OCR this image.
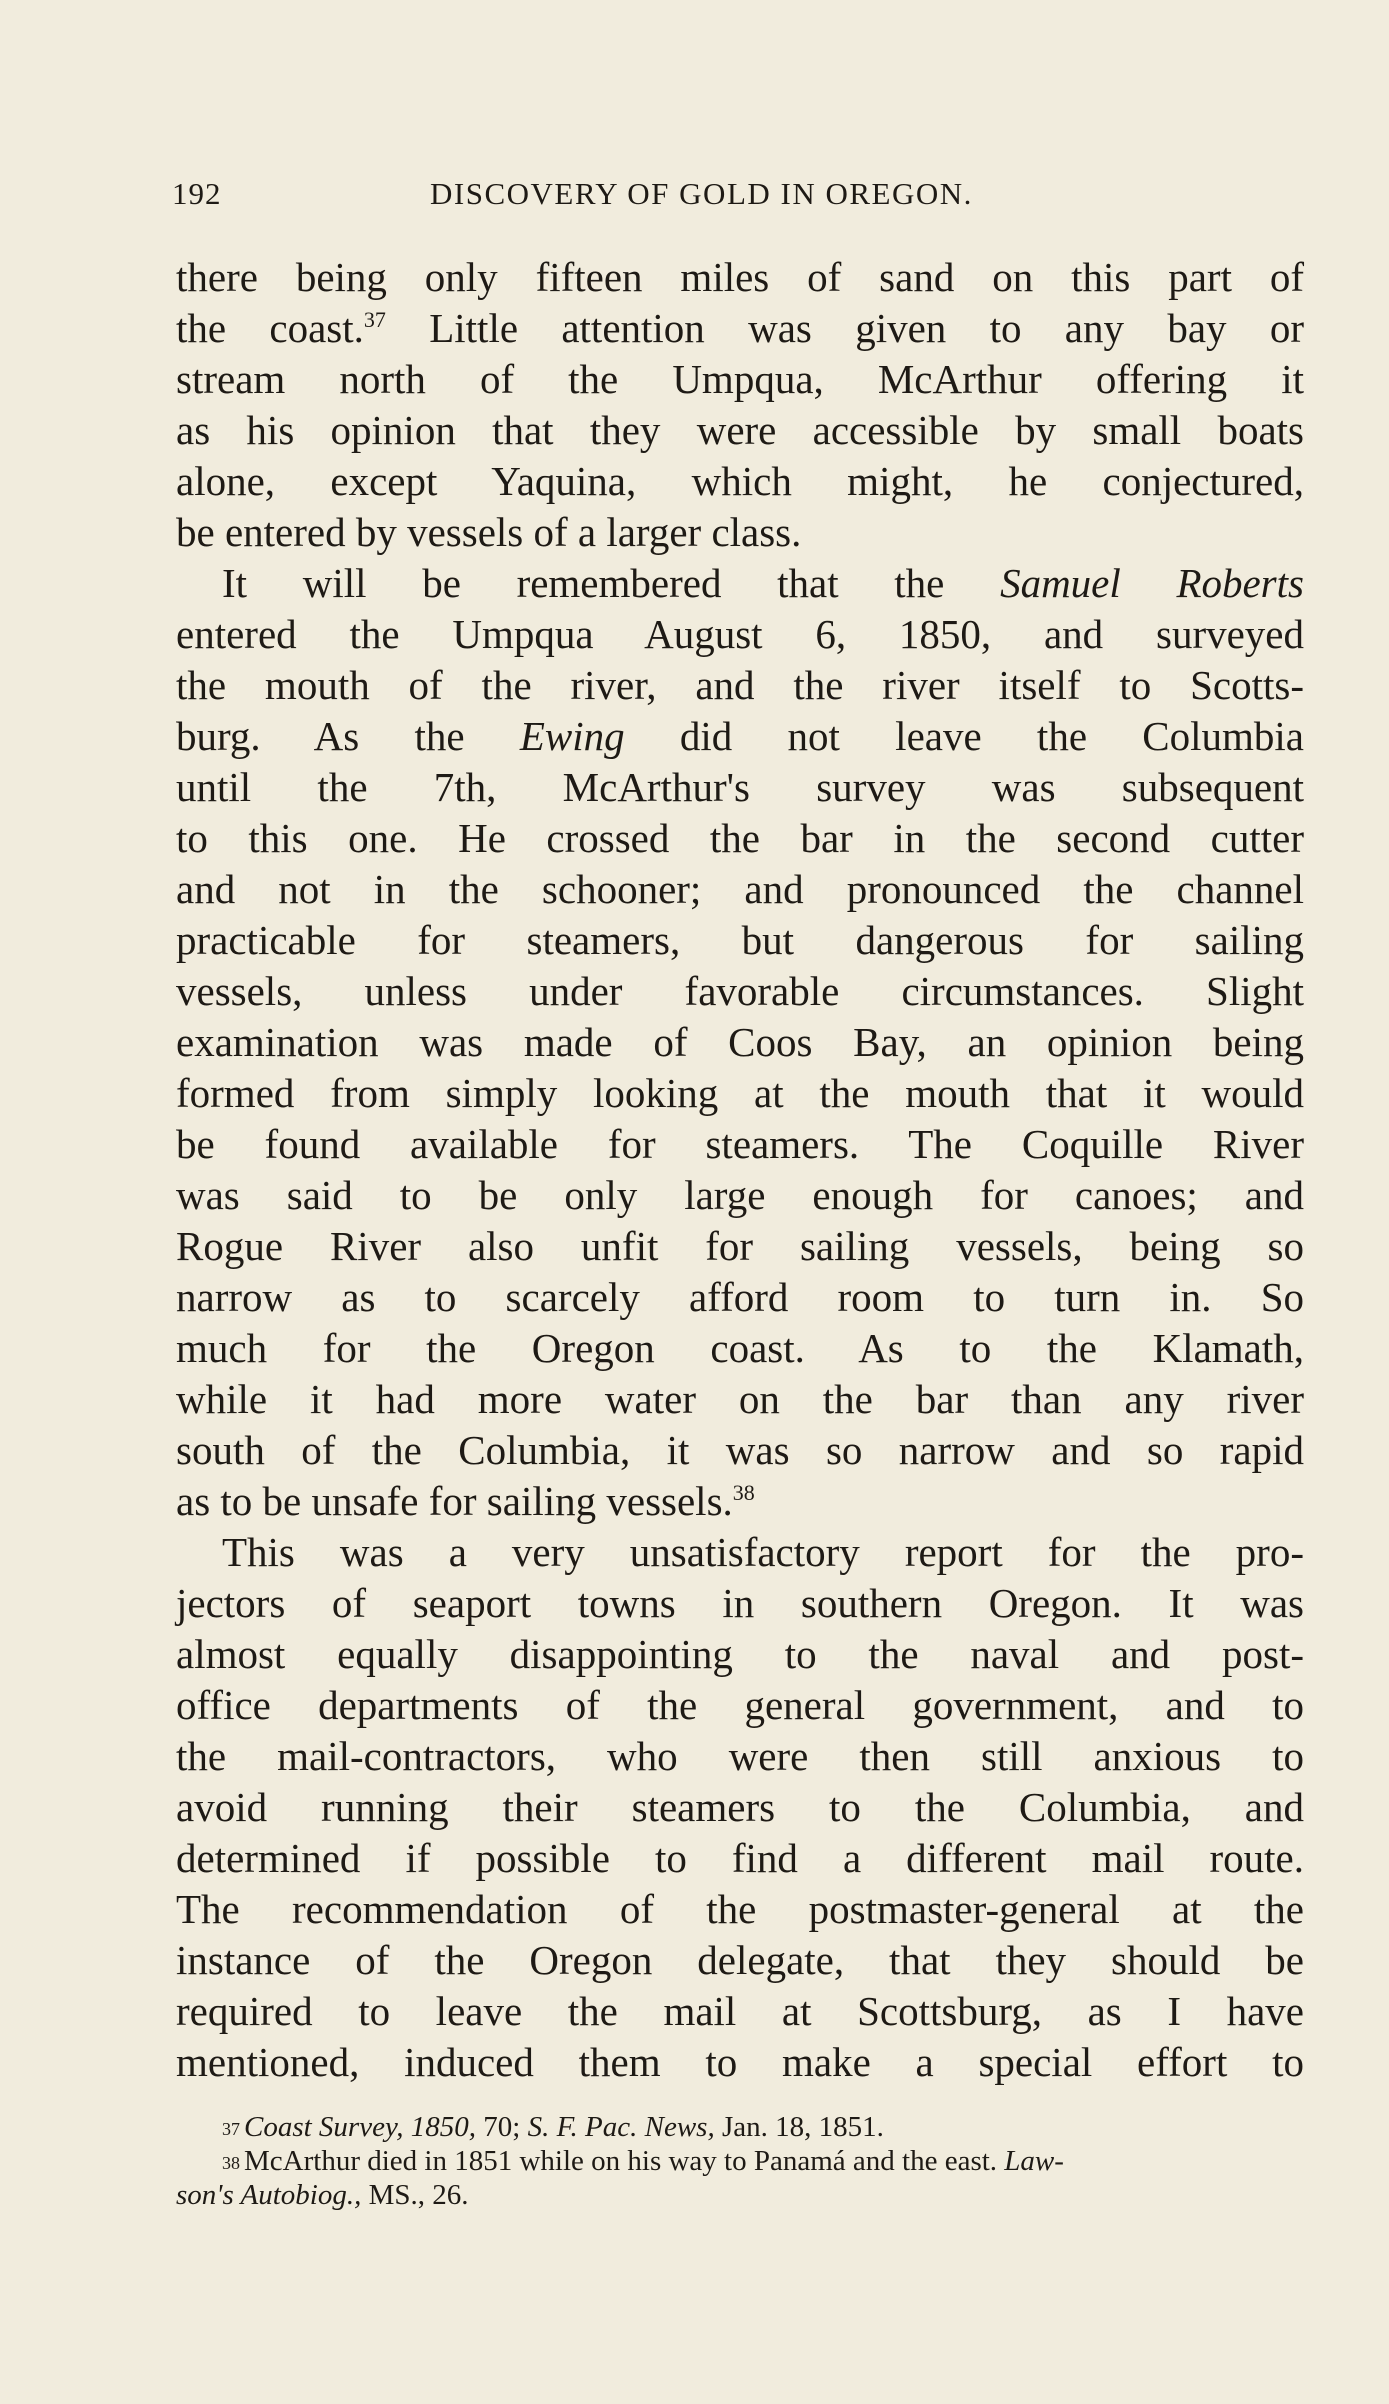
192	DISCOVERY OF GOLD IN OREGON.
there being only fifteen miles of sand on this part of
the coast.$^{37}$ Little attention was given to any bay or
stream north of the Umpqua, McArthur offering it
as his opinion that they were accessible by small boats
alone, except Yaquina, which might, he conjectured,
be entered by vessels of a larger class.
It will be remembered that the Samuel Roberts
entered the Umpqua August 6, 1850, and surveyed
the mouth of the river, and the river itself to Scotts-
burg. As the Ewing did not leave the Columbia
until the 7th, McArthur's survey was subsequent
to this one. He crossed the bar in the second cutter
and not in the schooner; and pronounced the channel
practicable for steamers, but dangerous for sailing
vessels, unless under favorable circumstances. Slight
examination was made of Coos Bay, an opinion being
formed from simply looking at the mouth that it would
be found available for steamers. The Coquille River
was said to be only large enough for canoes; and
Rogue River also unfit for sailing vessels, being so
narrow as to scarcely afford room to turn in. So
much for the Oregon coast. As to the Klamath,
while it had more water on the bar than any river
south of the Columbia, it was so narrow and so rapid
as to be unsafe for sailing vessels.$^{38}$
This was a very unsatisfactory report for the pro-
jectors of seaport towns in southern Oregon. It was
almost equally disappointing to the naval and post-
office departments of the general government, and to
the mail-contractors, who were then still anxious to
avoid running their steamers to the Columbia, and
determined if possible to find a different mail route.
The recommendation of the postmaster-general at the
instance of the Oregon delegate, that they should be
required to leave the mail at Scottsburg, as I have
mentioned, induced them to make a special effort to
$^{37}$ Coast Survey, 1850, 70; S. F. Pac. News, Jan. 18, 1851.
$^{38}$ McArthur died in 1851 while on his way to Panamá and the east. Law-
son's Autobiog., MS., 26.
